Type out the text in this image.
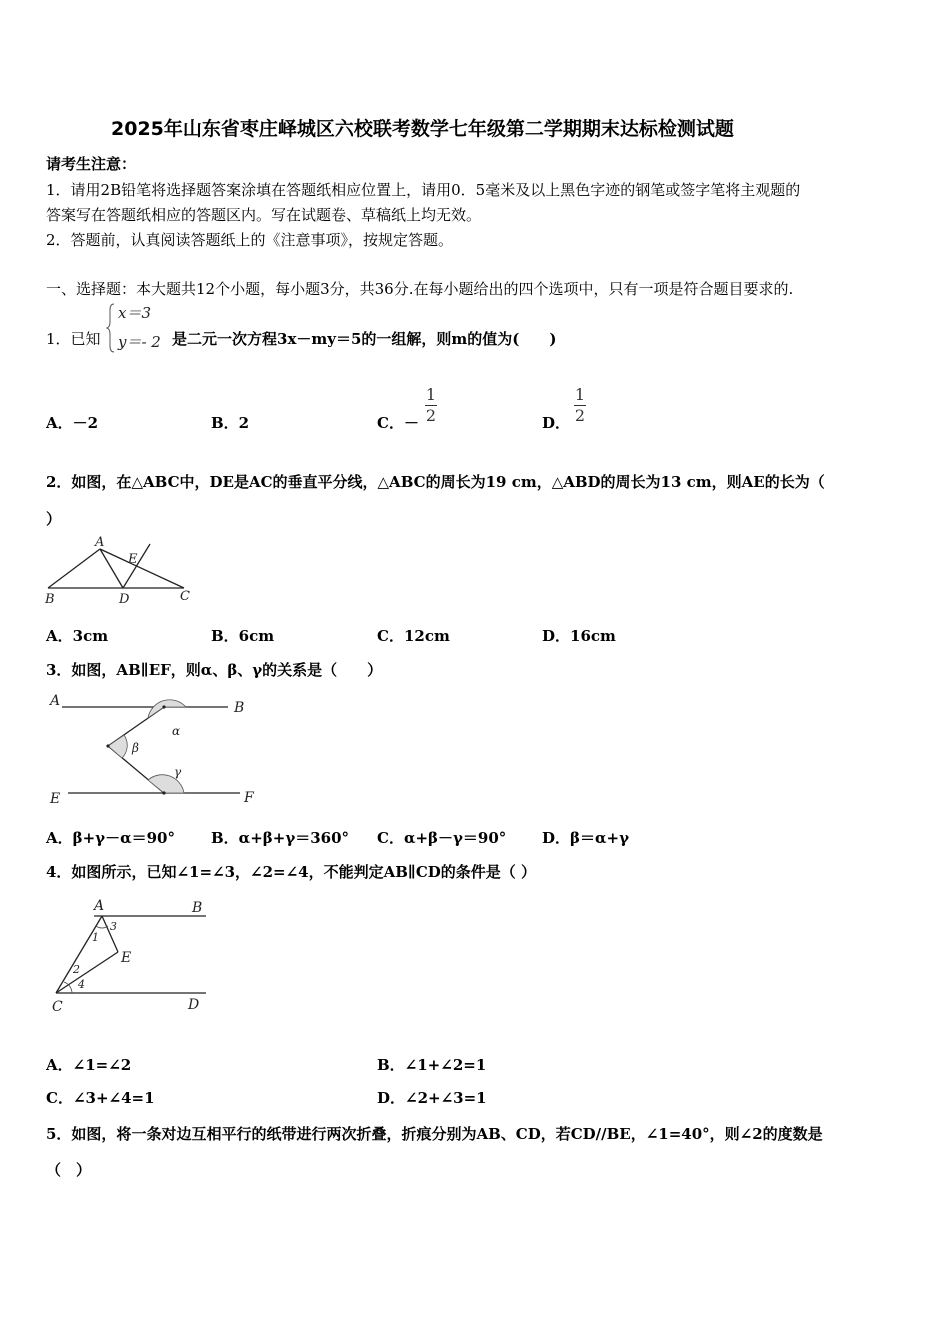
2025年山东省枣庄峄城区六校联考数学七年级第二学期期末达标检测试题
请考生注意：
1．请用2B铅笔将选择题答案涂填在答题纸相应位置上，请用0．5毫米及以上黑色字迹的钢笔或签字笔将主观题的
答案写在答题纸相应的答题区内。写在试题卷、草稿纸上均无效。
2．答题前，认真阅读答题纸上的《注意事项》，按规定答题。
一、选择题：本大题共12个小题，每小题3分，共36分.在每小题给出的四个选项中，只有一项是符合题目要求的.
1．已知
x＝3
y＝- 2 是二元一次方程3x－my＝5的一组解，则m的值为(　　)
A．－2	B．2	C．－
1
2	D．
1
2
2．如图，在△ABC中，DE是AC的垂直平分线，△ABC的周长为19 cm，△ABD的周长为13 cm，则AE的长为（
）
A
E
B	D	C
A．3cm	B．6cm	C．12cm	D．16cm
3．如图，AB∥EF，则α、β、γ的关系是（　　）
A	B
α
β
γ
E	F
A．β+γ－α＝90° B．α+β+γ＝360° C．α+β－γ＝90° D．β＝α+γ
4．如图所示，已知∠1=∠3，∠2=∠4，不能判定AB∥CD的条件是（ ）
A	B
3
1
E
2
4
C	D
A．∠1=∠2
C．∠3+∠4=1
B．∠1+∠2=1
D．∠2+∠3=1
5．如图，将一条对边互相平行的纸带进行两次折叠，折痕分别为AB、CD，若CD//BE，∠1=40°，则∠2的度数是
（　）
